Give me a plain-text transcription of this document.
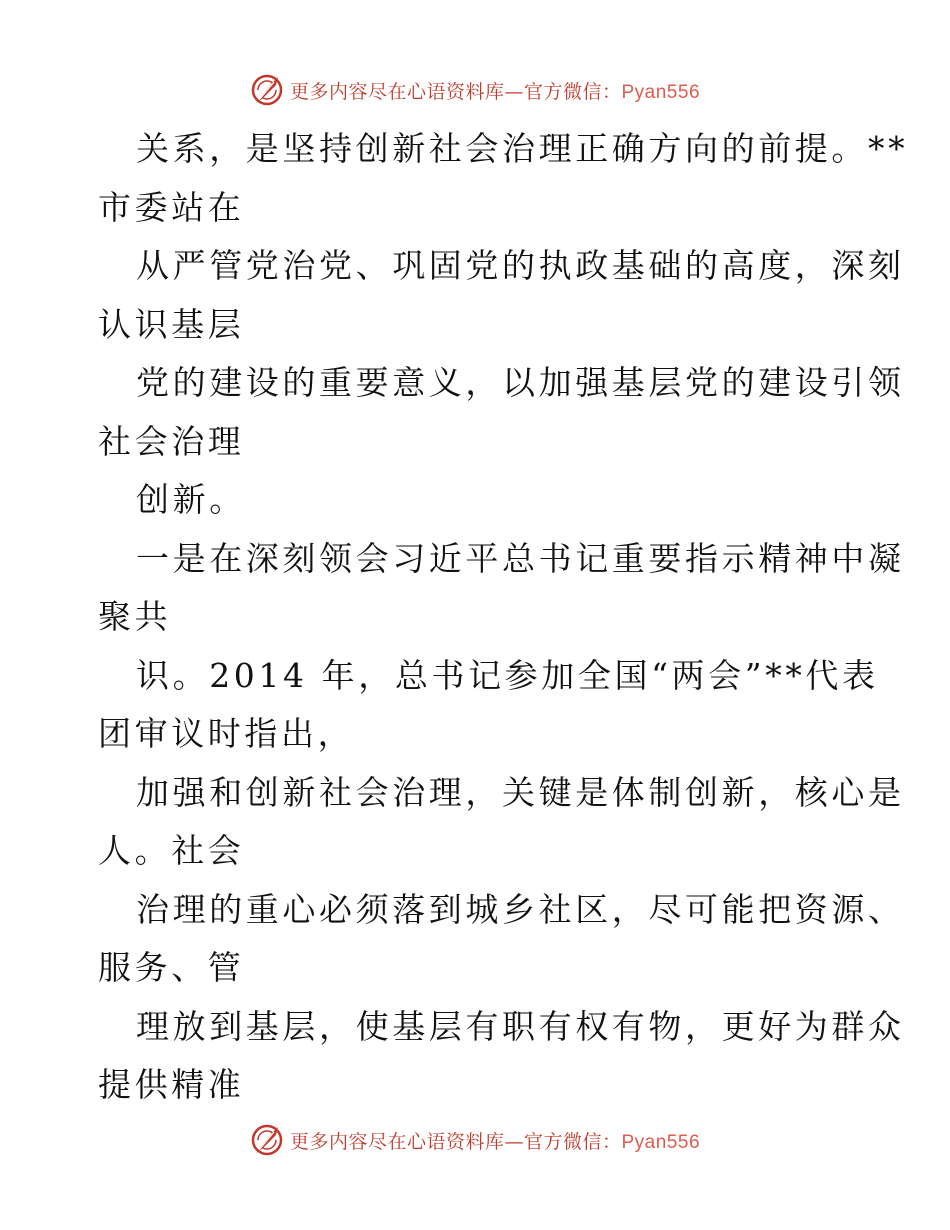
更多内容尽在心语资料库—官方微信：Pyan556
关系，是坚持创新社会治理正确方向的前提。**
市委站在
从严管党治党、巩固党的执政基础的高度，深刻
认识基层
党的建设的重要意义，以加强基层党的建设引领
社会治理
创新。
一是在深刻领会习近平总书记重要指示精神中凝
聚共
识。2014 年，总书记参加全国“两会”**代表
团审议时指出，
加强和创新社会治理，关键是体制创新，核心是
人。社会
治理的重心必须落到城乡社区，尽可能把资源、
服务、管
理放到基层，使基层有职有权有物，更好为群众
提供精准
更多内容尽在心语资料库—官方微信：Pyan556
